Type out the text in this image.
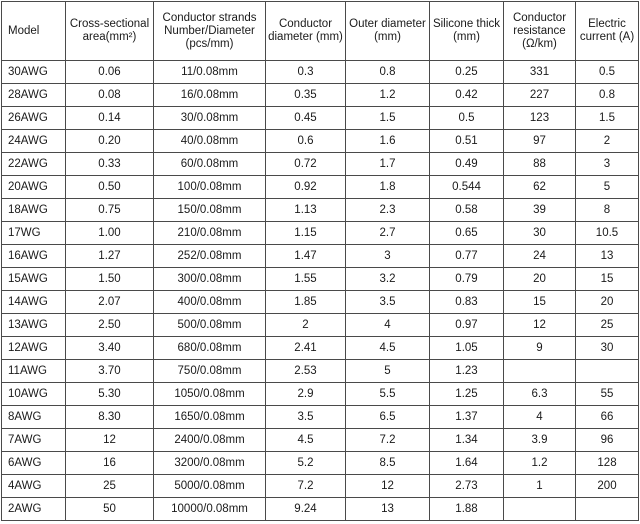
Model	Cross-sectional area(mm²)	Conductor strands Number/Diameter (pcs/mm)	Conductor diameter (mm)	Outer diameter (mm)	Silicone thick (mm)	Conductor resistance (Ω/km)	Electric current (A)
30AWG	0.06	11/0.08mm	0.3	0.8	0.25	331	0.5
28AWG	0.08	16/0.08mm	0.35	1.2	0.42	227	0.8
26AWG	0.14	30/0.08mm	0.45	1.5	0.5	123	1.5
24AWG	0.20	40/0.08mm	0.6	1.6	0.51	97	2
22AWG	0.33	60/0.08mm	0.72	1.7	0.49	88	3
20AWG	0.50	100/0.08mm	0.92	1.8	0.544	62	5
18AWG	0.75	150/0.08mm	1.13	2.3	0.58	39	8
17WG	1.00	210/0.08mm	1.15	2.7	0.65	30	10.5
16AWG	1.27	252/0.08mm	1.47	3	0.77	24	13
15AWG	1.50	300/0.08mm	1.55	3.2	0.79	20	15
14AWG	2.07	400/0.08mm	1.85	3.5	0.83	15	20
13AWG	2.50	500/0.08mm	2	4	0.97	12	25
12AWG	3.40	680/0.08mm	2.41	4.5	1.05	9	30
11AWG	3.70	750/0.08mm	2.53	5	1.23		
10AWG	5.30	1050/0.08mm	2.9	5.5	1.25	6.3	55
8AWG	8.30	1650/0.08mm	3.5	6.5	1.37	4	66
7AWG	12	2400/0.08mm	4.5	7.2	1.34	3.9	96
6AWG	16	3200/0.08mm	5.2	8.5	1.64	1.2	128
4AWG	25	5000/0.08mm	7.2	12	2.73	1	200
2AWG	50	10000/0.08mm	9.24	13	1.88		
